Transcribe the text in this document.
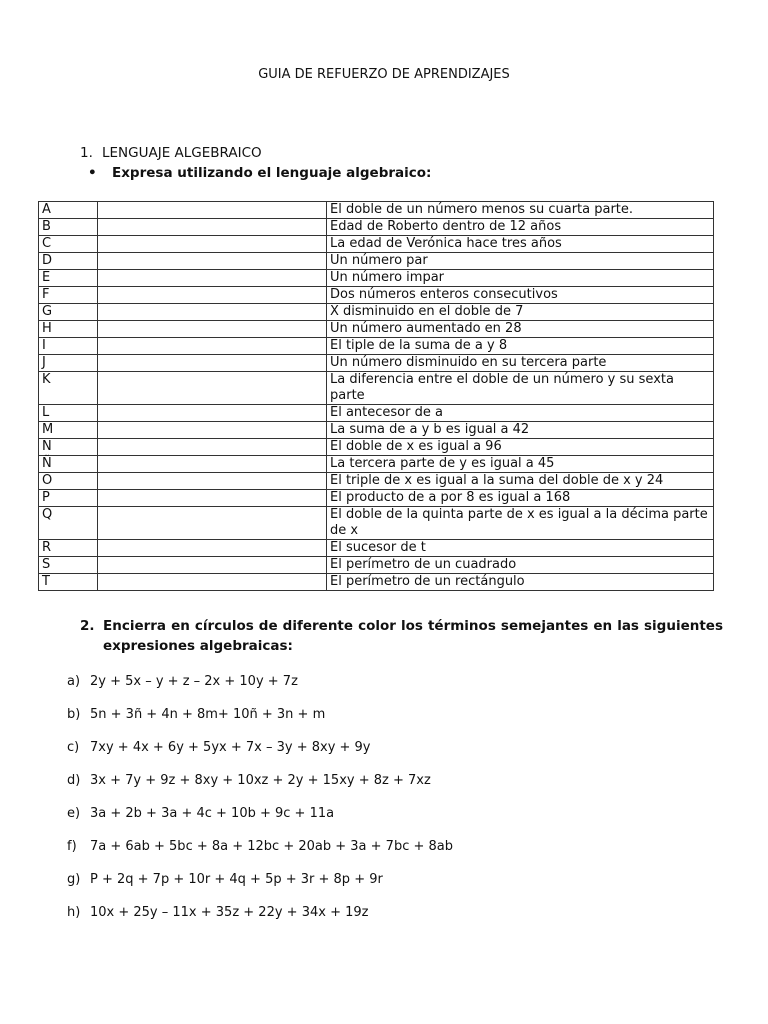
GUIA DE REFUERZO DE APRENDIZAJES
1. LENGUAJE ALGEBRAICO
• Expresa utilizando el lenguaje algebraico:
A		El doble de un número menos su cuarta parte.
B		Edad de Roberto dentro de 12 años
C		La edad de Verónica hace tres años
D		Un número par
E		Un número impar
F		Dos números enteros consecutivos
G		X disminuido en el doble de 7
H		Un número aumentado en 28
I		El tiple de la suma de a y 8
J		Un número disminuido en su tercera parte
K		La diferencia entre el doble de un número y su sexta parte
L		El antecesor de a
M		La suma de a y b es igual a 42
N		El doble de x es igual a 96
Ñ		La tercera parte de y es igual a 45
O		El triple de x es igual a la suma del doble de x y 24
P		El producto de a por 8 es igual a 168
Q		El doble de la quinta parte de x es igual a la décima parte de x
R		El sucesor de t
S		El perímetro de un cuadrado
T		El perímetro de un rectángulo
2. Encierra en círculos de diferente color los términos semejantes en las siguientes expresiones algebraicas:
a) 2y + 5x – y + z – 2x + 10y + 7z
b) 5n + 3ñ + 4n + 8m+ 10ñ + 3n + m
c) 7xy + 4x + 6y + 5yx + 7x – 3y + 8xy + 9y
d) 3x + 7y + 9z + 8xy + 10xz + 2y + 15xy + 8z + 7xz
e) 3a + 2b + 3a + 4c + 10b + 9c + 11a
f) 7a + 6ab + 5bc + 8a + 12bc + 20ab + 3a + 7bc + 8ab
g) P + 2q + 7p + 10r + 4q + 5p + 3r + 8p + 9r
h) 10x + 25y – 11x + 35z + 22y + 34x + 19z
